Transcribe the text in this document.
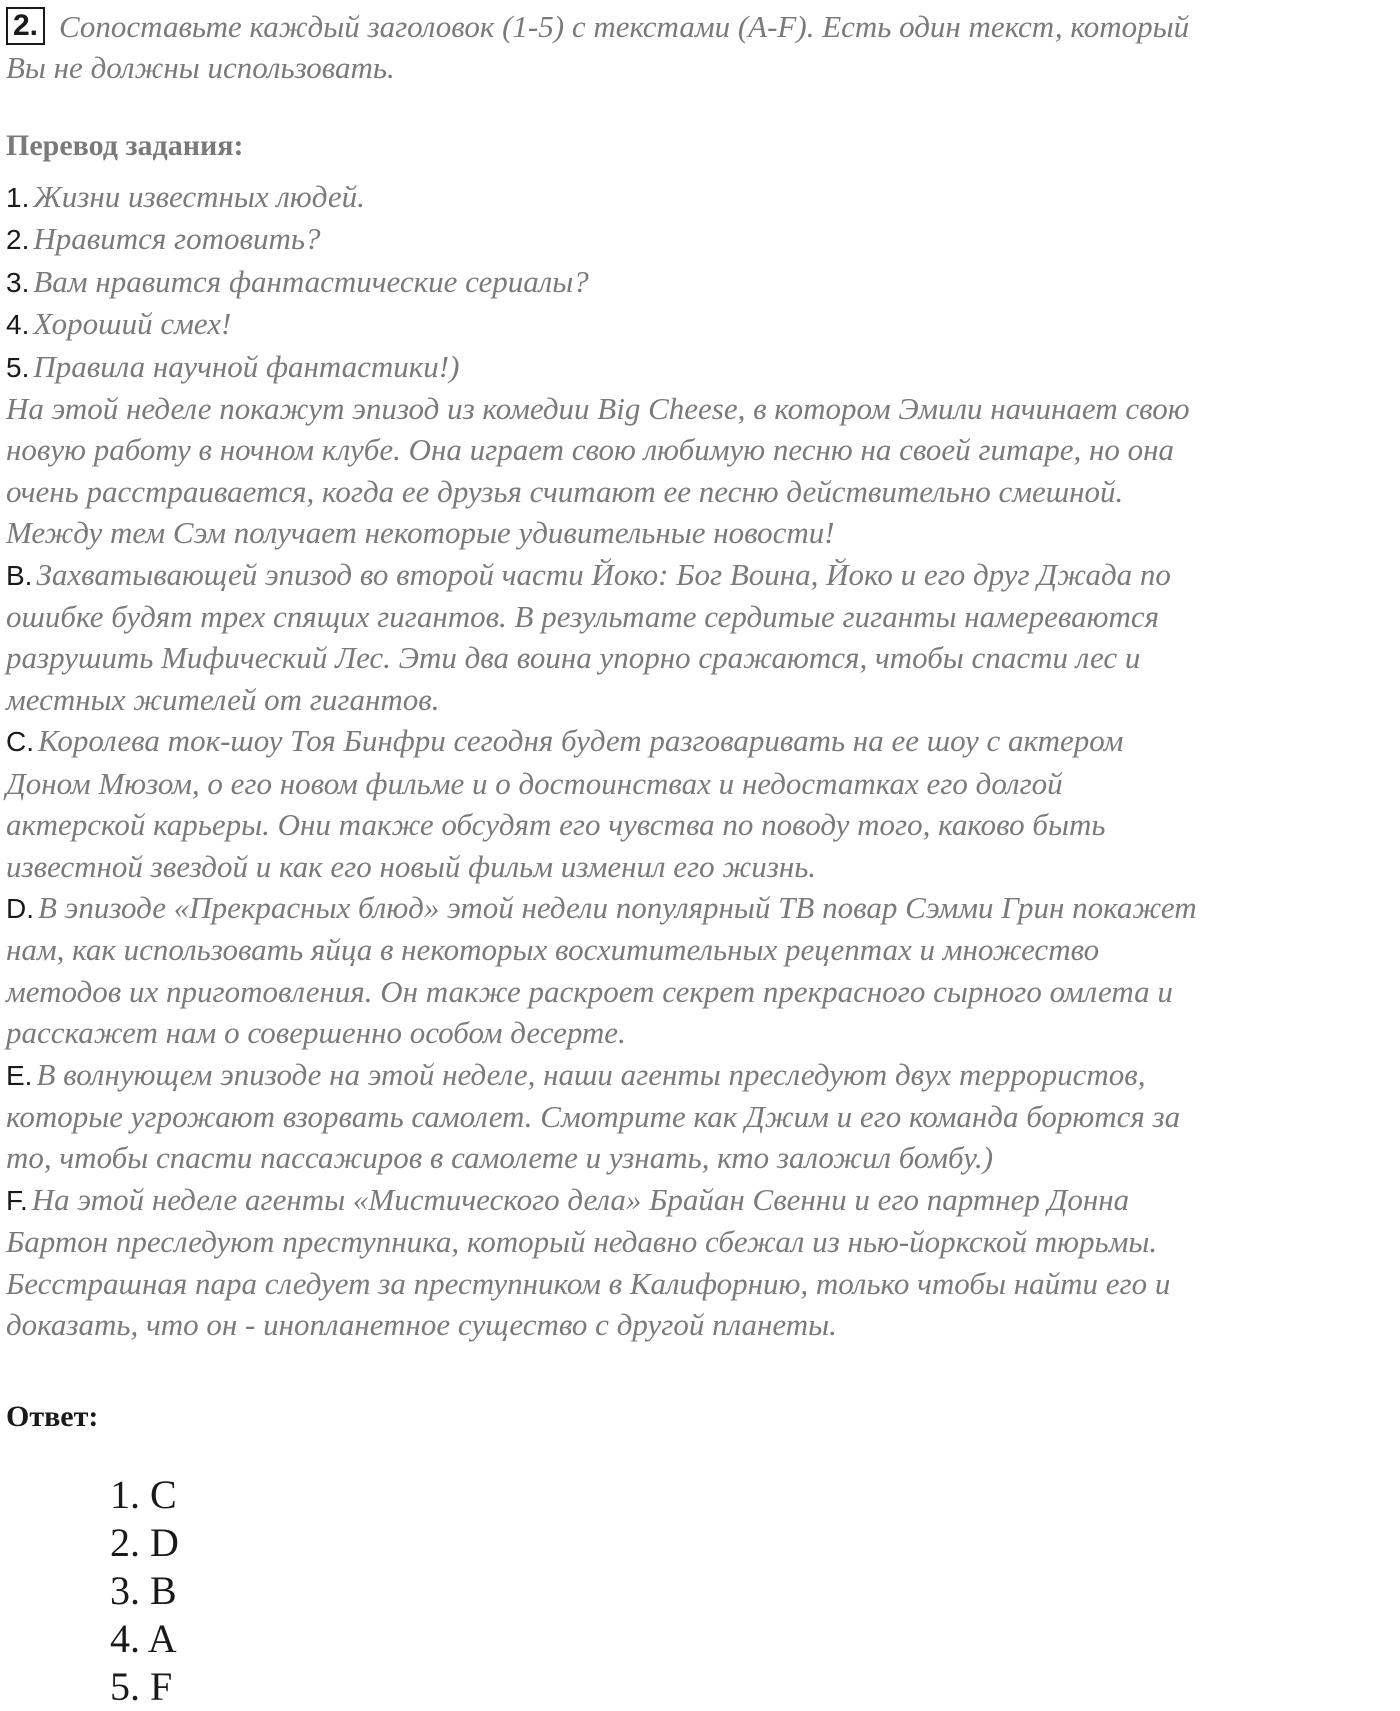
2. Сопоставьте каждый заголовок (1-5) с текстами (A-F). Есть один текст, который
Вы не должны использовать.
Перевод задания:
1. Жизни известных людей.
2. Нравится готовить?
3. Вам нравится фантастические сериалы?
4. Хороший смех!
5. Правила научной фантастики!)
На этой неделе покажут эпизод из комедии Big Cheese, в котором Эмили начинает свою
новую работу в ночном клубе. Она играет свою любимую песню на своей гитаре, но она
очень расстраивается, когда ее друзья считают ее песню действительно смешной.
Между тем Сэм получает некоторые удивительные новости!
B. Захватывающей эпизод во второй части Йоко: Бог Воина, Йоко и его друг Джада по
ошибке будят трех спящих гигантов. В результате сердитые гиганты намереваются
разрушить Мифический Лес. Эти два воина упорно сражаются, чтобы спасти лес и
местных жителей от гигантов.
C. Королева ток-шоу Тоя Бинфри сегодня будет разговаривать на ее шоу с актером
Доном Мюзом, о его новом фильме и о достоинствах и недостатках его долгой
актерской карьеры. Они также обсудят его чувства по поводу того, каково быть
известной звездой и как его новый фильм изменил его жизнь.
D. В эпизоде «Прекрасных блюд» этой недели популярный ТВ повар Сэмми Грин покажет
нам, как использовать яйца в некоторых восхитительных рецептах и множество
методов их приготовления. Он также раскроет секрет прекрасного сырного омлета и
расскажет нам о совершенно особом десерте.
E. В волнующем эпизоде на этой неделе, наши агенты преследуют двух террористов,
которые угрожают взорвать самолет. Смотрите как Джим и его команда борются за
то, чтобы спасти пассажиров в самолете и узнать, кто заложил бомбу.)
F. На этой неделе агенты «Мистического дела» Брайан Свенни и его партнер Донна
Бартон преследуют преступника, который недавно сбежал из нью-йоркской тюрьмы.
Бесстрашная пара следует за преступником в Калифорнию, только чтобы найти его и
доказать, что он - инопланетное существо с другой планеты.
Ответ:
1. C
2. D
3. B
4. A
5. F
